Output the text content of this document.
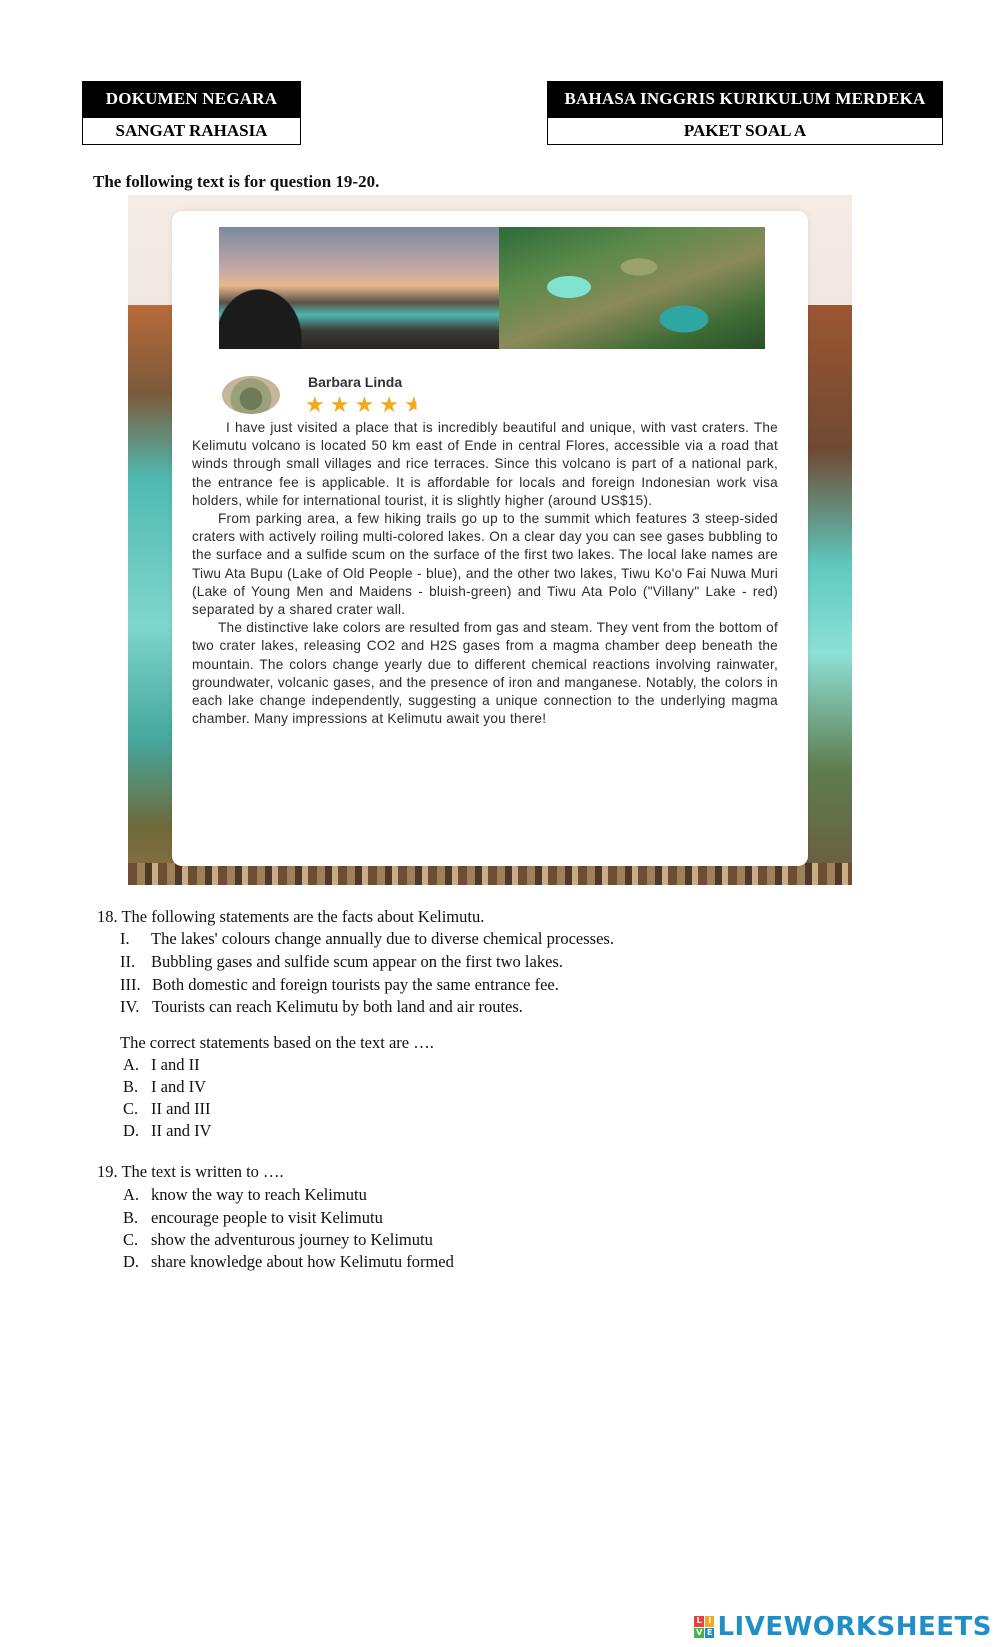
DOKUMEN NEGARA
SANGAT RAHASIA
BAHASA INGGRIS KURIKULUM MERDEKA
PAKET SOAL A
The following text is for question 19-20.
Barbara Linda
★★★★★

I have just visited a place that is incredibly beautiful and unique, with vast craters. The Kelimutu volcano is located 50 km east of Ende in central Flores, accessible via a road that winds through small villages and rice terraces. Since this volcano is part of a national park, the entrance fee is applicable. It is affordable for locals and foreign Indonesian work visa holders, while for international tourist, it is slightly higher (around US$15).

From parking area, a few hiking trails go up to the summit which features 3 steep-sided craters with actively roiling multi-colored lakes. On a clear day you can see gases bubbling to the surface and a sulfide scum on the surface of the first two lakes. The local lake names are Tiwu Ata Bupu (Lake of Old People - blue), and the other two lakes, Tiwu Ko'o Fai Nuwa Muri (Lake of Young Men and Maidens - bluish-green) and Tiwu Ata Polo ("Villany" Lake - red) separated by a shared crater wall.

The distinctive lake colors are resulted from gas and steam. They vent from the bottom of two crater lakes, releasing CO2 and H2S gases from a magma chamber deep beneath the mountain. The colors change yearly due to different chemical reactions involving rainwater, groundwater, volcanic gases, and the presence of iron and manganese. Notably, the colors in each lake change independently, suggesting a unique connection to the underlying magma chamber. Many impressions at Kelimutu await you there!

18. The following statements are the facts about Kelimutu.
I. The lakes' colours change annually due to diverse chemical processes.
II. Bubbling gases and sulfide scum appear on the first two lakes.
III. Both domestic and foreign tourists pay the same entrance fee.
IV. Tourists can reach Kelimutu by both land and air routes.
The correct statements based on the text are ….
A. I and II
B. I and IV
C. II and III
D. II and IV
19. The text is written to ….
A. know the way to reach Kelimutu
B. encourage people to visit Kelimutu
C. show the adventurous journey to Kelimutu
D. share knowledge about how Kelimutu formed
L I
V E LIVEWORKSHEETS
